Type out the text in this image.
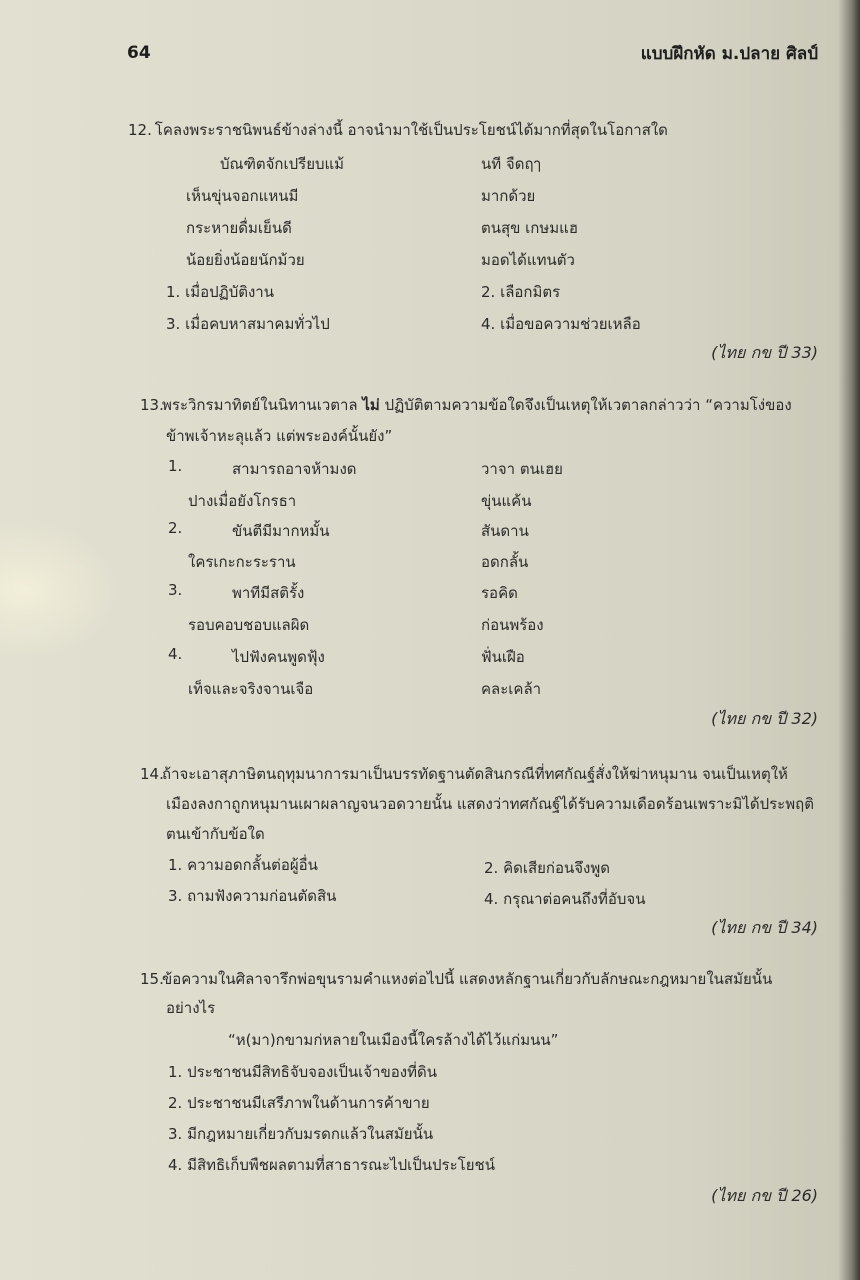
64	แบบฝึกหัด ม.ปลาย ศิลป์
12. โคลงพระราชนิพนธ์ข้างล่างนี้ อาจนำมาใช้เป็นประโยชน์ได้มากที่สุดในโอกาสใด
บัณฑิตจักเปรียบแม้	นที จืดฤๅ
เห็นขุ่นจอกแหนมี	มากด้วย
กระหายดื่มเย็นดี	ตนสุข เกษมแฮ
น้อยยิ่งน้อยนักม้วย	มอดได้แทนตัว
1. เมื่อปฏิบัติงาน	2. เลือกมิตร
3. เมื่อคบหาสมาคมทั่วไป	4. เมื่อขอความช่วยเหลือ
(ไทย กข ปี 33)
13.พระวิกรมาทิตย์ในนิทานเวตาล ไม่ ปฏิบัติตามความข้อใดจึงเป็นเหตุให้เวตาลกล่าวว่า “ความโง่ของ
ข้าพเจ้าหะลุแล้ว แต่พระองค์นั้นยัง”
1.	สามารถอาจห้ามงด	วาจา ตนเฮย
ปางเมื่อยังโกรธา	ขุ่นแค้น
2.	ขันตีมีมากหมั้น	สันดาน
ใครเกะกะระราน	อดกลั้น
3.	พาทีมีสติรั้ง	รอคิด
รอบคอบชอบแลผิด	ก่อนพร้อง
4.	ไปฟังคนพูดฟุ้ง	ฟั่นเฝือ
เท็จและจริงจานเจือ	คละเคล้า
(ไทย กข ปี 32)
14.ถ้าจะเอาสุภาษิตนฤทุมนาการมาเป็นบรรทัดฐานตัดสินกรณีที่ทศกัณฐ์สั่งให้ฆ่าหนุมาน จนเป็นเหตุให้
เมืองลงกาถูกหนุมานเผาผลาญจนวอดวายนั้น แสดงว่าทศกัณฐ์ได้รับความเดือดร้อนเพราะมิได้ประพฤติ
ตนเข้ากับข้อใด
1. ความอดกลั้นต่อผู้อื่น	2. คิดเสียก่อนจึงพูด
3. ถามฟังความก่อนตัดสิน	4. กรุณาต่อคนถึงที่อับจน
(ไทย กข ปี 34)
15.ข้อความในศิลาจารึกพ่อขุนรามคำแหงต่อไปนี้ แสดงหลักฐานเกี่ยวกับลักษณะกฎหมายในสมัยนั้น
อย่างไร
“ห(มา)กขามก่หลายในเมืองนี้ใครล้างได้ไว้แก่มนน”
1. ประชาชนมีสิทธิจับจองเป็นเจ้าของที่ดิน
2. ประชาชนมีเสรีภาพในด้านการค้าขาย
3. มีกฎหมายเกี่ยวกับมรดกแล้วในสมัยนั้น
4. มีสิทธิเก็บพืชผลตามที่สาธารณะไปเป็นประโยชน์
(ไทย กข ปี 26)
